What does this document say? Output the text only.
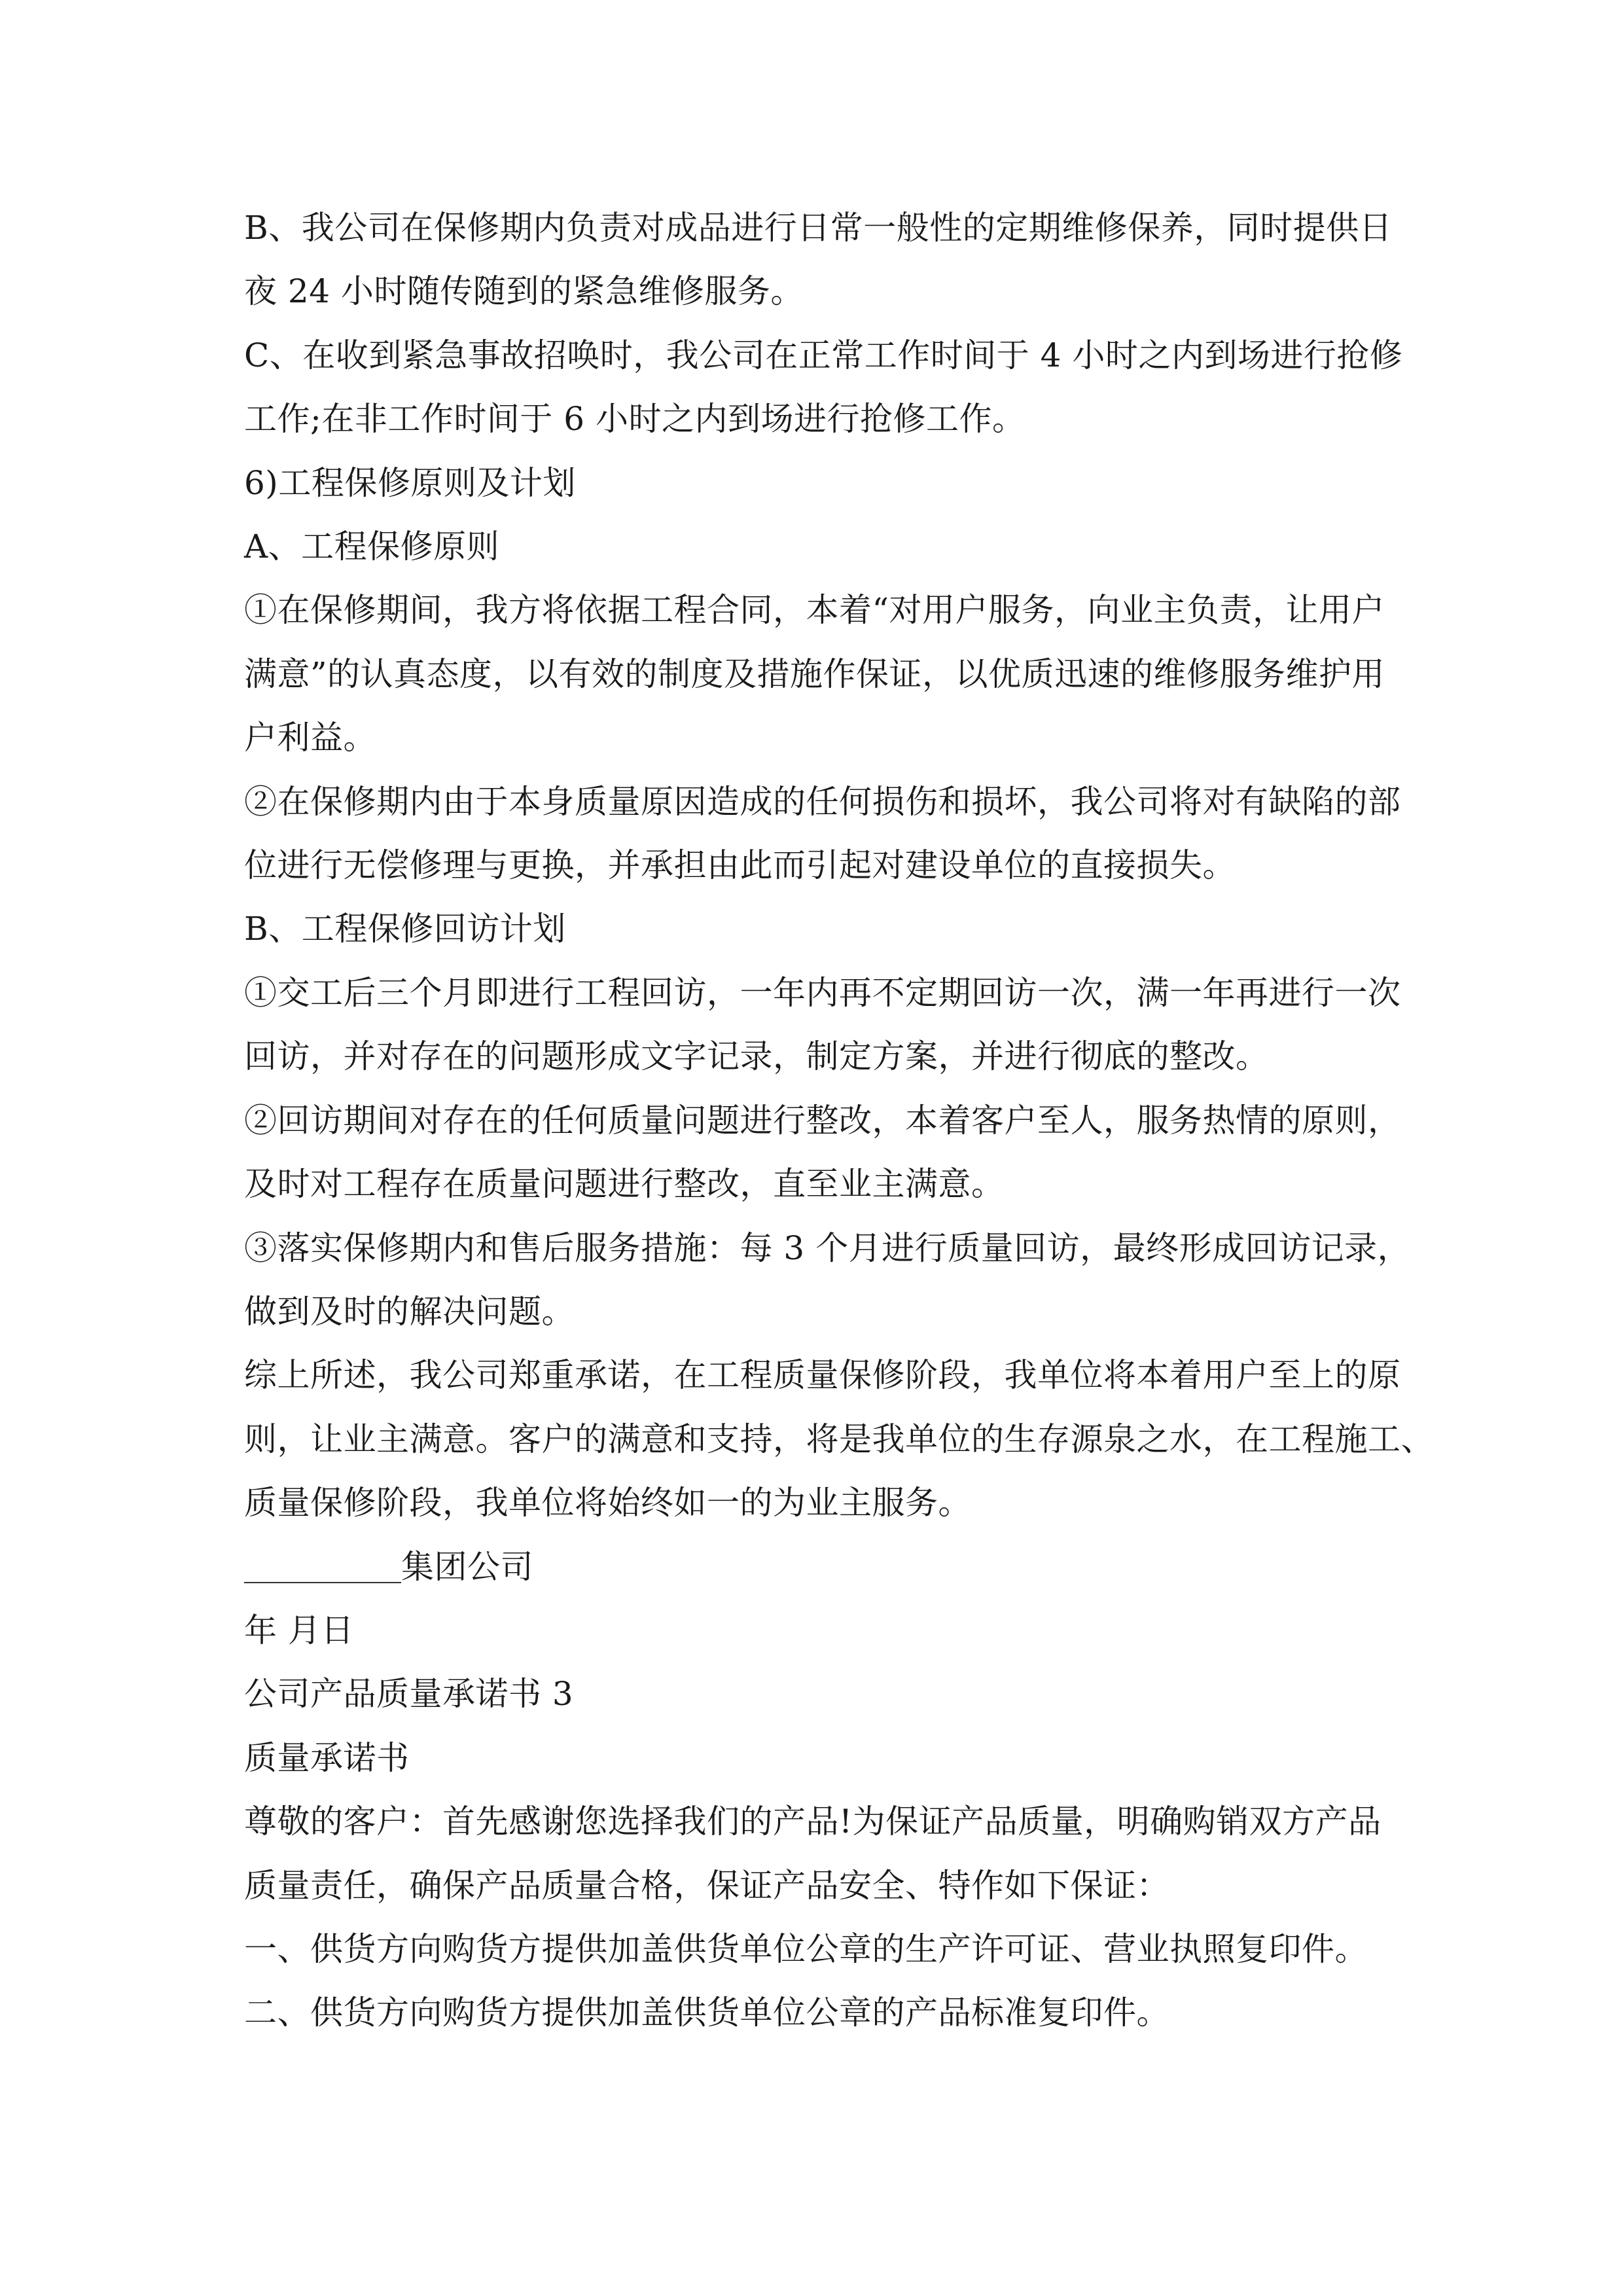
B、我公司在保修期内负责对成品进行日常一般性的定期维修保养，同时提供日
夜 24 小时随传随到的紧急维修服务。
C、在收到紧急事故招唤时，我公司在正常工作时间于 4 小时之内到场进行抢修
工作;在非工作时间于 6 小时之内到场进行抢修工作。
6)工程保修原则及计划
A、工程保修原则
①在保修期间，我方将依据工程合同，本着“对用户服务，向业主负责，让用户
满意”的认真态度，以有效的制度及措施作保证，以优质迅速的维修服务维护用
户利益。
②在保修期内由于本身质量原因造成的任何损伤和损坏，我公司将对有缺陷的部
位进行无偿修理与更换，并承担由此而引起对建设单位的直接损失。
B、工程保修回访计划
①交工后三个月即进行工程回访，一年内再不定期回访一次，满一年再进行一次
回访，并对存在的问题形成文字记录，制定方案，并进行彻底的整改。
②回访期间对存在的任何质量问题进行整改，本着客户至人，服务热情的原则，
及时对工程存在质量问题进行整改，直至业主满意。
③落实保修期内和售后服务措施：每 3 个月进行质量回访，最终形成回访记录，
做到及时的解决问题。
综上所述，我公司郑重承诺，在工程质量保修阶段，我单位将本着用户至上的原
则，让业主满意。客户的满意和支持，将是我单位的生存源泉之水，在工程施工、
质量保修阶段，我单位将始终如一的为业主服务。
集团公司
年 月日
公司产品质量承诺书 3
质量承诺书
尊敬的客户：首先感谢您选择我们的产品!为保证产品质量，明确购销双方产品
质量责任，确保产品质量合格，保证产品安全、特作如下保证：
一、供货方向购货方提供加盖供货单位公章的生产许可证、营业执照复印件。
二、供货方向购货方提供加盖供货单位公章的产品标准复印件。
